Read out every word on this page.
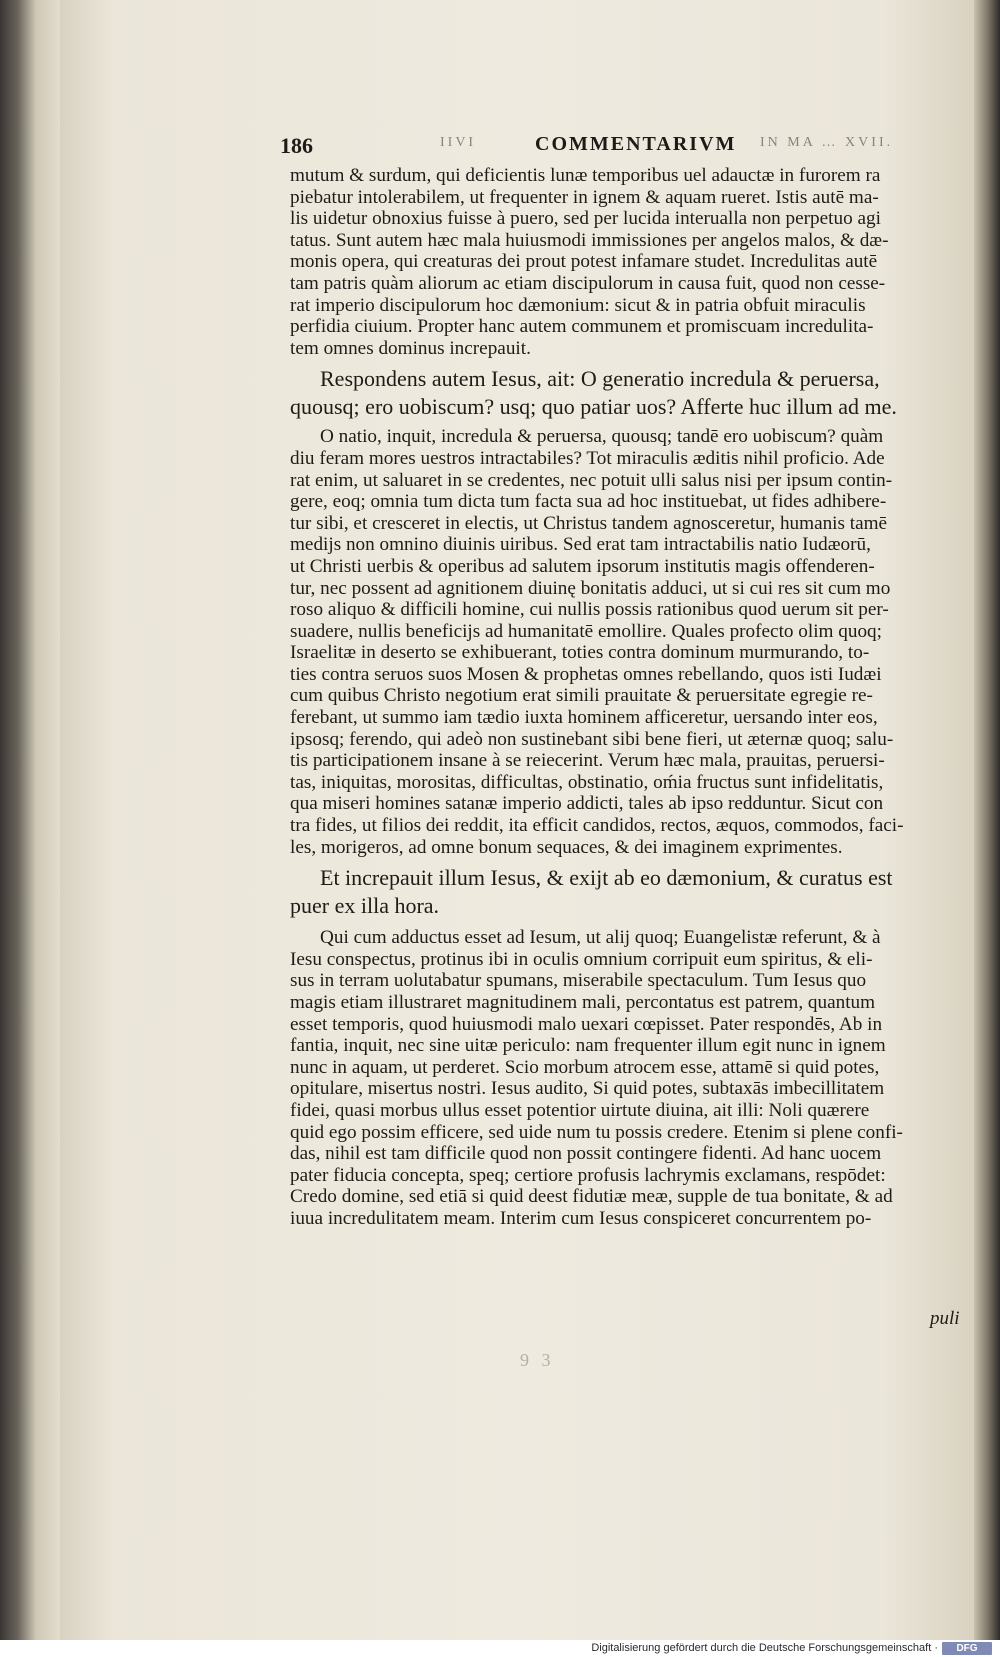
186	IIVI	COMMENTARIVM IN MA … XVII.
mutum & surdum, qui deficientis lunæ temporibus uel adauctæ in furorem ra
piebatur intolerabilem, ut frequenter in ignem & aquam rueret. Istis autē ma-
lis uidetur obnoxius fuisse à puero, sed per lucida interualla non perpetuo agi
tatus. Sunt autem hæc mala huiusmodi immissiones per angelos malos, & dæ-
monis opera, qui creaturas dei prout potest infamare studet. Incredulitas autē
tam patris quàm aliorum ac etiam discipulorum in causa fuit, quod non cesse-
rat imperio discipulorum hoc dæmonium: sicut & in patria obfuit miraculis
perfidia ciuium. Propter hanc autem communem et promiscuam incredulita-
tem omnes dominus increpauit.
Respondens autem Iesus, ait: O generatio incredula & peruersa,
quousq; ero uobiscum? usq; quo patiar uos? Afferte huc illum ad me.
O natio, inquit, incredula & peruersa, quousq; tandē ero uobiscum? quàm
diu feram mores uestros intractabiles? Tot miraculis æditis nihil proficio. Ade
rat enim, ut saluaret in se credentes, nec potuit ulli salus nisi per ipsum contin-
gere, eoq; omnia tum dicta tum facta sua ad hoc instituebat, ut fides adhibere-
tur sibi, et cresceret in electis, ut Christus tandem agnosceretur, humanis tamē
medijs non omnino diuinis uiribus. Sed erat tam intractabilis natio Iudæorū,
ut Christi uerbis & operibus ad salutem ipsorum institutis magis offenderen-
tur, nec possent ad agnitionem diuinę bonitatis adduci, ut si cui res sit cum mo
roso aliquo & difficili homine, cui nullis possis rationibus quod uerum sit per-
suadere, nullis beneficijs ad humanitatē emollire. Quales profecto olim quoq;
Israelitæ in deserto se exhibuerant, toties contra dominum murmurando, to-
ties contra seruos suos Mosen & prophetas omnes rebellando, quos isti Iudæi
cum quibus Christo negotium erat simili prauitate & peruersitate egregie re-
ferebant, ut summo iam tædio iuxta hominem afficeretur, uersando inter eos,
ipsosq; ferendo, qui adeò non sustinebant sibi bene fieri, ut æternæ quoq; salu-
tis participationem insane à se reiecerint. Verum hæc mala, prauitas, peruersi-
tas, iniquitas, morositas, difficultas, obstinatio, oḿia fructus sunt infidelitatis,
qua miseri homines satanæ imperio addicti, tales ab ipso redduntur. Sicut con
tra fides, ut filios dei reddit, ita efficit candidos, rectos, æquos, commodos, faci-
les, morigeros, ad omne bonum sequaces, & dei imaginem exprimentes.
Et increpauit illum Iesus, & exijt ab eo dæmonium, & curatus est
puer ex illa hora.
Qui cum adductus esset ad Iesum, ut alij quoq; Euangelistæ referunt, & à
Iesu conspectus, protinus ibi in oculis omnium corripuit eum spiritus, & eli-
sus in terram uolutabatur spumans, miserabile spectaculum. Tum Iesus quo
magis etiam illustraret magnitudinem mali, percontatus est patrem, quantum
esset temporis, quod huiusmodi malo uexari cœpisset. Pater respondēs, Ab in
fantia, inquit, nec sine uitæ periculo: nam frequenter illum egit nunc in ignem
nunc in aquam, ut perderet. Scio morbum atrocem esse, attamē si quid potes,
opitulare, misertus nostri. Iesus audito, Si quid potes, subtaxās imbecillitatem
fidei, quasi morbus ullus esset potentior uirtute diuina, ait illi: Noli quærere
quid ego possim efficere, sed uide num tu possis credere. Etenim si plene confi-
das, nihil est tam difficile quod non possit contingere fidenti. Ad hanc uocem
pater fiducia concepta, speq; certiore profusis lachrymis exclamans, respōdet:
Credo domine, sed etiā si quid deest fidutiæ meæ, supple de tua bonitate, & ad
iuua incredulitatem meam. Interim cum Iesus conspiceret concurrentem po-
puli
9 3
Digitalisierung gefördert durch die Deutsche Forschungsgemeinschaft ·	DFG
